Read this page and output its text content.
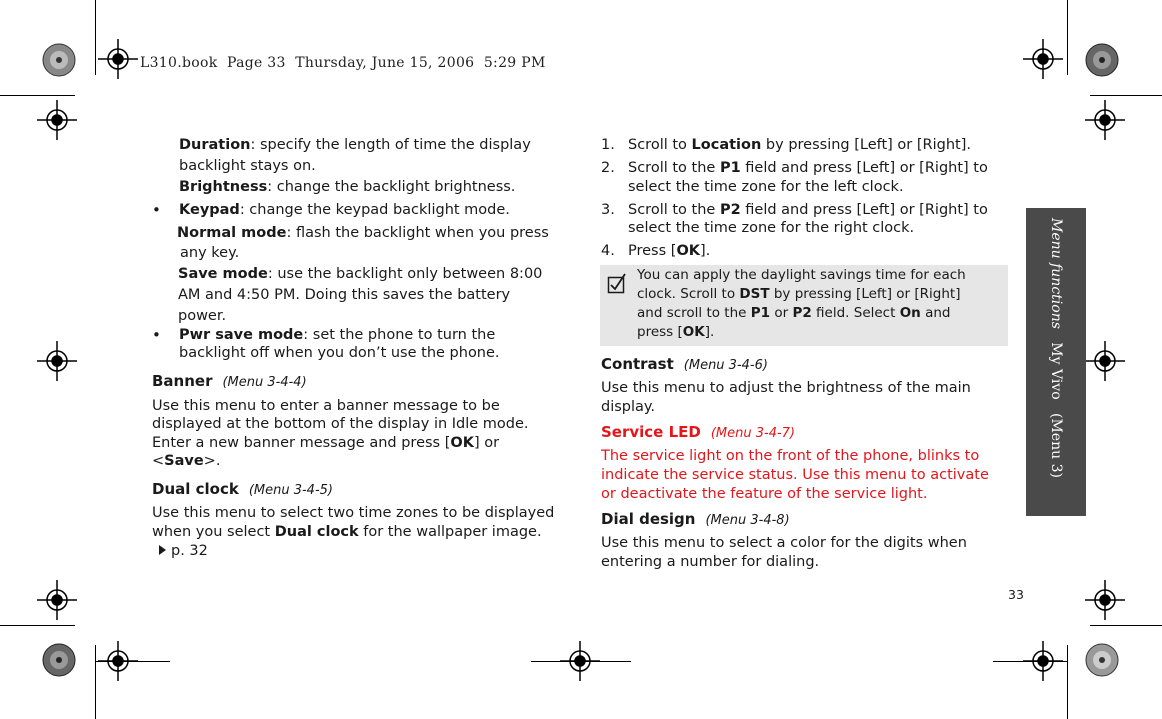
L310.book  Page 33  Thursday, June 15, 2006  5:29 PM
Duration: specify the length of time the display
backlight stays on.
Brightness: change the backlight brightness.
• Keypad: change the keypad backlight mode.
Normal mode: flash the backlight when you press
any key.
Save mode: use the backlight only between 8:00
AM and 4:50 PM. Doing this saves the battery
power.
• Pwr save mode: set the phone to turn the
backlight off when you don’t use the phone.
Banner (Menu 3-4-4)
Use this menu to enter a banner message to be
displayed at the bottom of the display in Idle mode.
Enter a new banner message and press [OK] or
<Save>.
Dual clock (Menu 3-4-5)
Use this menu to select two time zones to be displayed
when you select Dual clock for the wallpaper image.
p. 32
1. Scroll to Location by pressing [Left] or [Right].
2. Scroll to the P1 field and press [Left] or [Right] to
select the time zone for the left clock.
3. Scroll to the P2 field and press [Left] or [Right] to
select the time zone for the right clock.
4. Press [OK].
You can apply the daylight savings time for each
clock. Scroll to DST by pressing [Left] or [Right]
and scroll to the P1 or P2 field. Select On and
press [OK].
Contrast (Menu 3-4-6)
Use this menu to adjust the brightness of the main
display.
Service LED (Menu 3-4-7)
The service light on the front of the phone, blinks to
indicate the service status. Use this menu to activate
or deactivate the feature of the service light.
Dial design (Menu 3-4-8)
Use this menu to select a color for the digits when
entering a number for dialing.
Menu functions

My Vivo

(Menu 3)
33
